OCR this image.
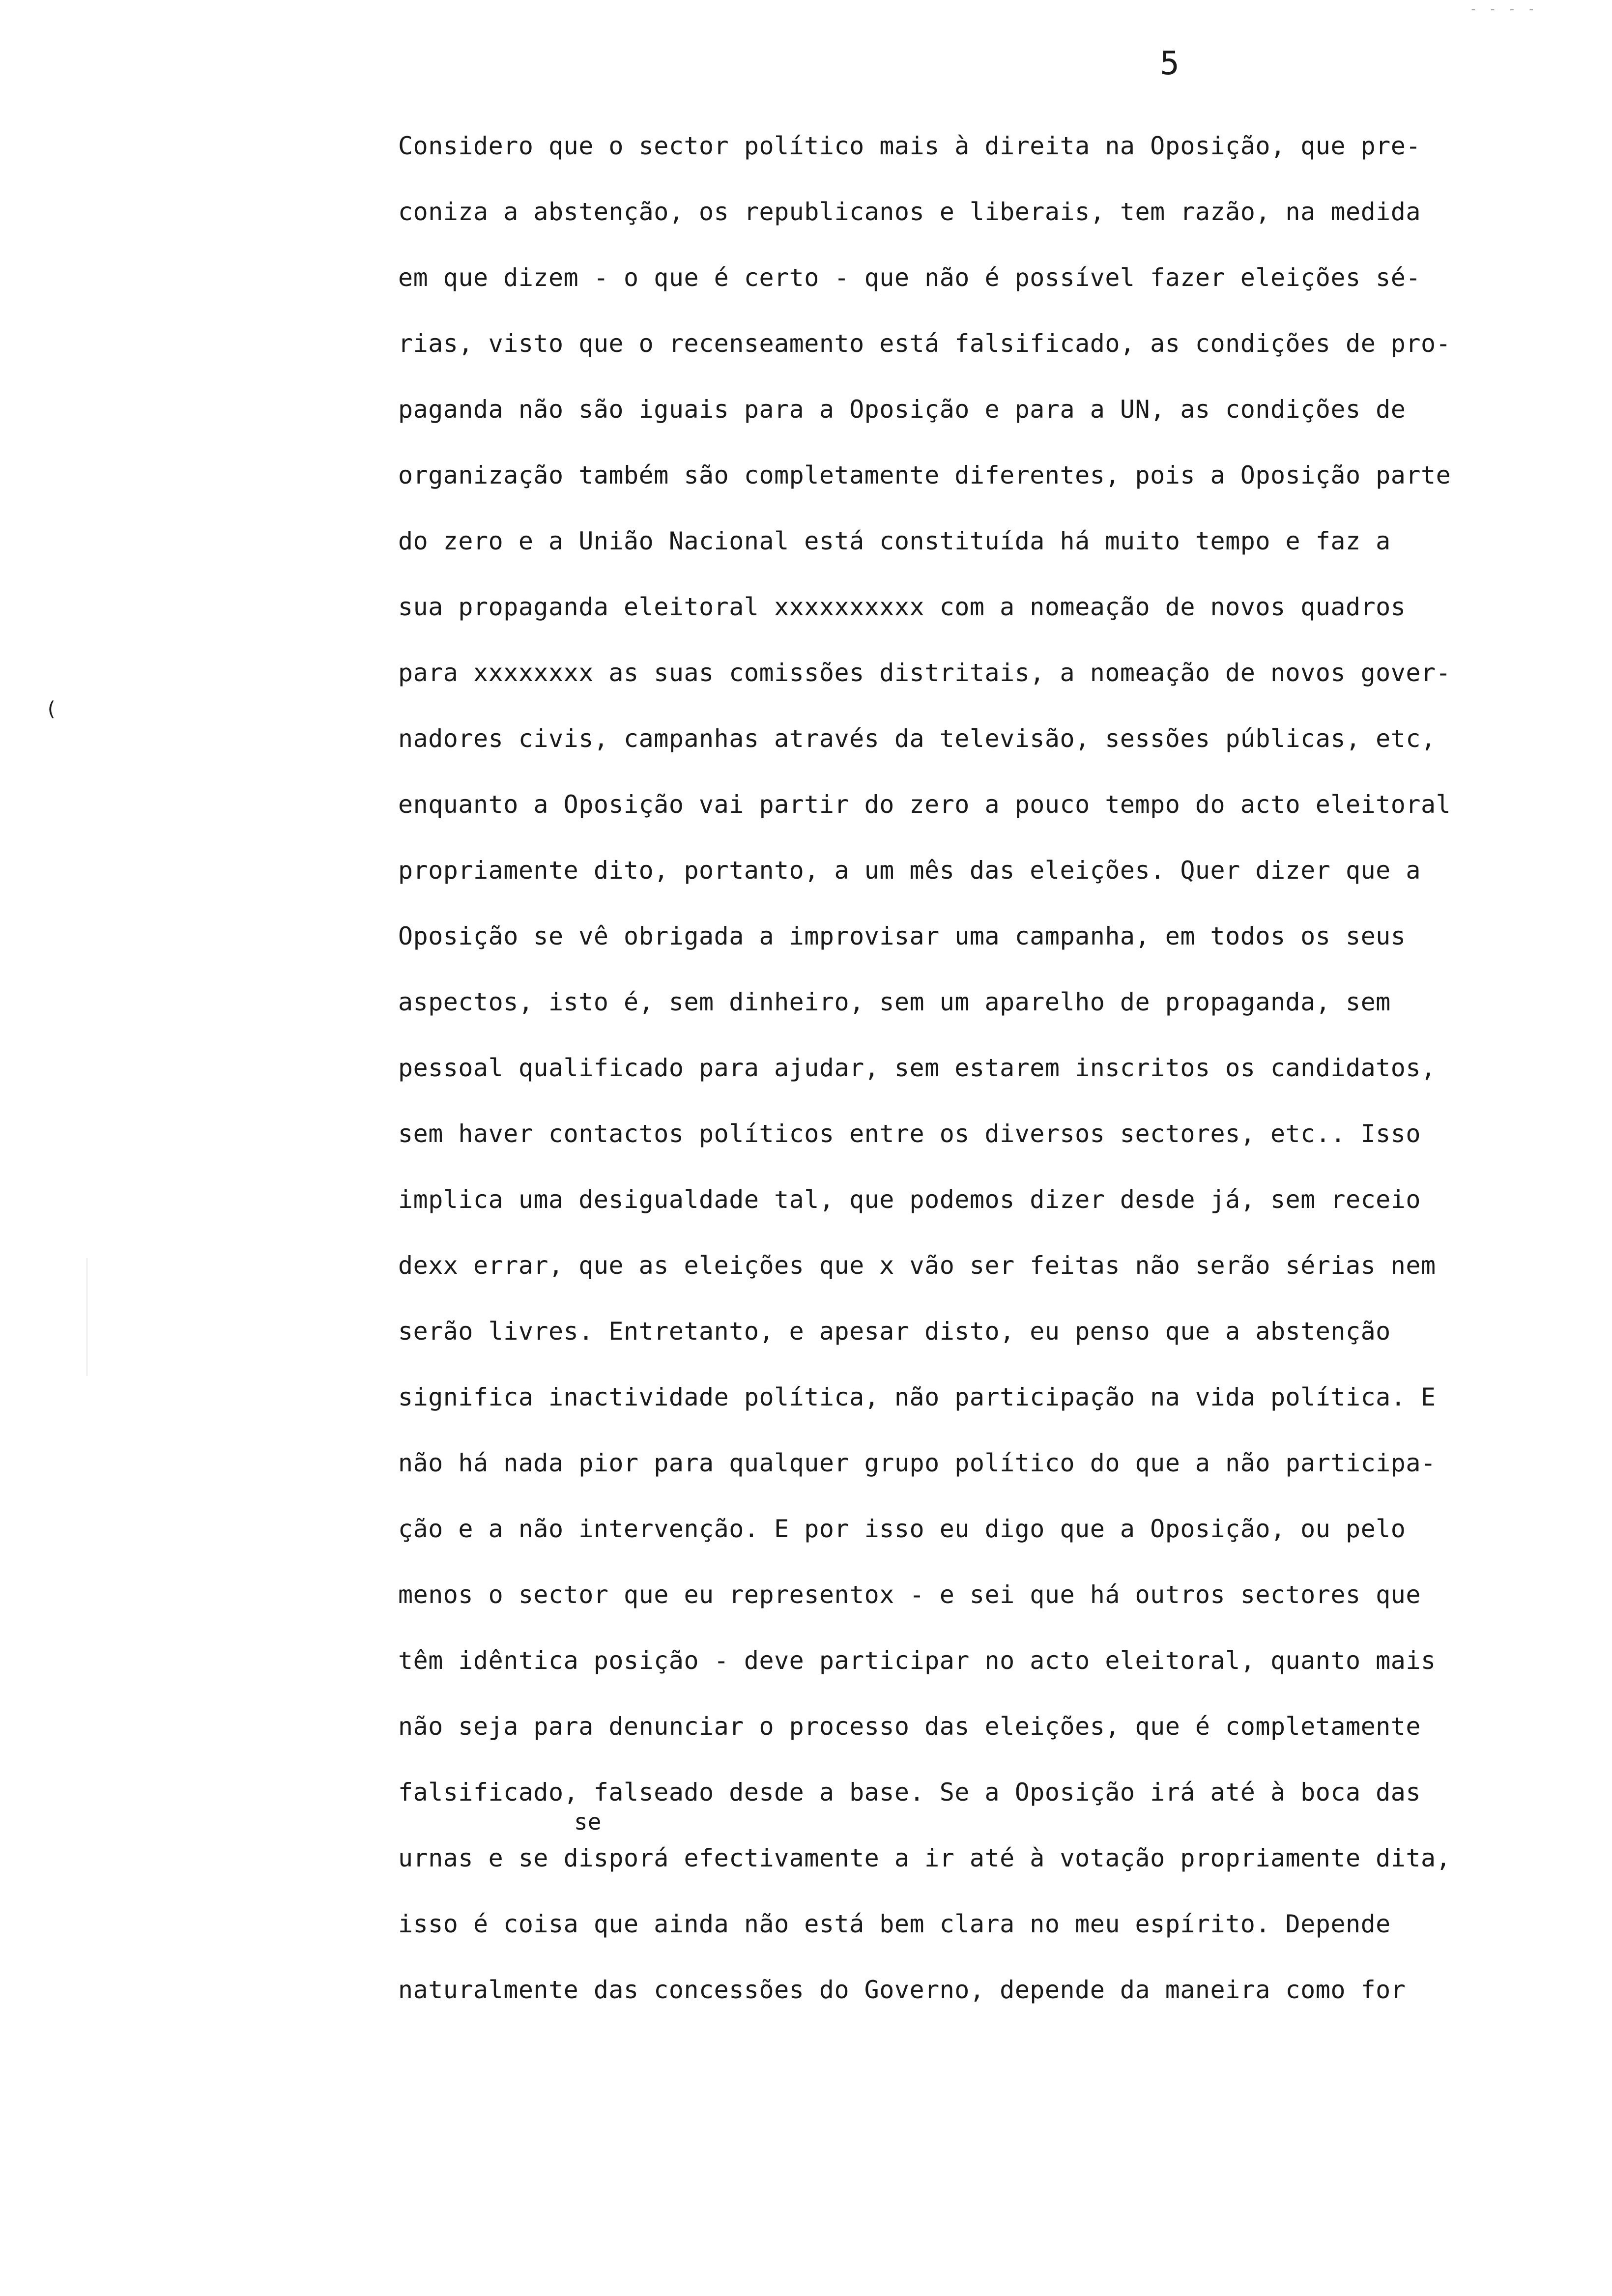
- - - -
5
(
Considero que o sector político mais à direita na Oposição, que pre-
coniza a abstenção, os republicanos e liberais, tem razão, na medida
em que dizem - o que é certo - que não é possível fazer eleições sé-
rias, visto que o recenseamento está falsificado, as condições de pro-
paganda não são iguais para a Oposição e para a UN, as condições de
organização também são completamente diferentes, pois a Oposição parte
do zero e a União Nacional está constituída há muito tempo e faz a
sua propaganda eleitoral xxxxxxxxxx com a nomeação de novos quadros
para xxxxxxxx as suas comissões distritais, a nomeação de novos gover-
nadores civis, campanhas através da televisão, sessões públicas, etc,
enquanto a Oposição vai partir do zero a pouco tempo do acto eleitoral
propriamente dito, portanto, a um mês das eleições. Quer dizer que a
Oposição se vê obrigada a improvisar uma campanha, em todos os seus
aspectos, isto é, sem dinheiro, sem um aparelho de propaganda, sem
pessoal qualificado para ajudar, sem estarem inscritos os candidatos,
sem haver contactos políticos entre os diversos sectores, etc.. Isso
implica uma desigualdade tal, que podemos dizer desde já, sem receio
dexx errar, que as eleições que x vão ser feitas não serão sérias nem
serão livres. Entretanto, e apesar disto, eu penso que a abstenção
significa inactividade política, não participação na vida política. E
não há nada pior para qualquer grupo político do que a não participa-
ção e a não intervenção. E por isso eu digo que a Oposição, ou pelo
menos o sector que eu representox - e sei que há outros sectores que
têm idêntica posição - deve participar no acto eleitoral, quanto mais
não seja para denunciar o processo das eleições, que é completamente
falsificado, falseado desde a base. Se a Oposição irá até à boca das
urnas e se disporá efectivamente a ir até à votação propriamente dita,
isso é coisa que ainda não está bem clara no meu espírito. Depende
naturalmente das concessões do Governo, depende da maneira como for
se
